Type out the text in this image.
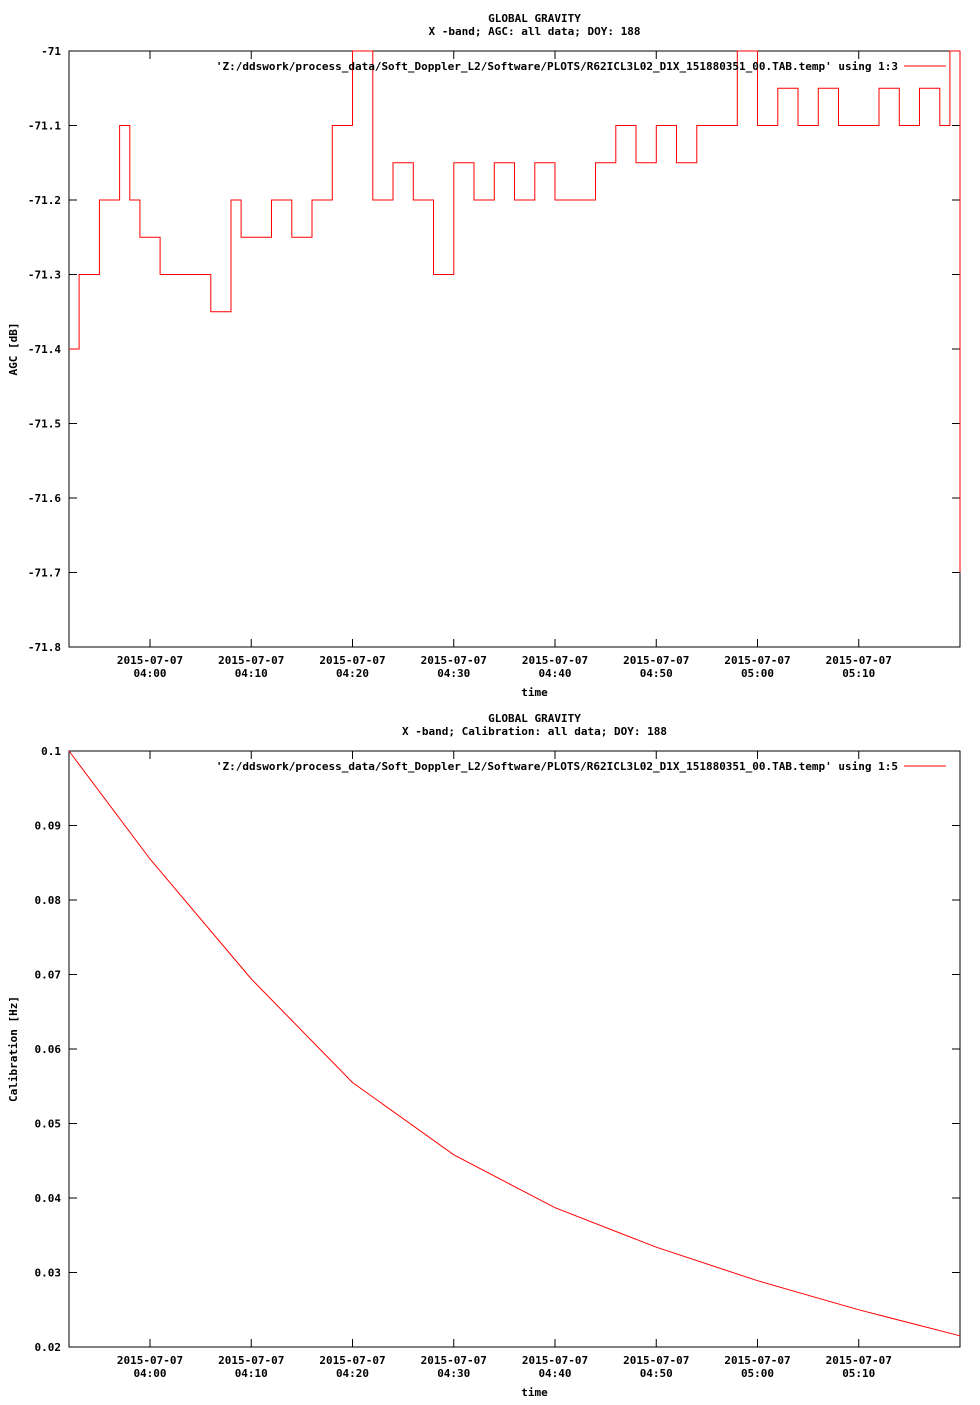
GLOBAL GRAVITY
X -band; AGC: all data; DOY: 188
-71
-71.1
-71.2
-71.3
-71.4
-71.5
-71.6
-71.7
-71.8
2015-07-07
04:00
2015-07-07
04:10
2015-07-07
04:20
2015-07-07
04:30
2015-07-07
04:40
2015-07-07
04:50
2015-07-07
05:00
2015-07-07
05:10
time
AGC [dB]
'Z:/ddswork/process_data/Soft_Doppler_L2/Software/PLOTS/R62ICL3L02_D1X_151880351_00.TAB.temp' using 1:3
GLOBAL GRAVITY
X -band; Calibration: all data; DOY: 188
0.1
0.09
0.08
0.07
0.06
0.05
0.04
0.03
0.02
2015-07-07
04:00
2015-07-07
04:10
2015-07-07
04:20
2015-07-07
04:30
2015-07-07
04:40
2015-07-07
04:50
2015-07-07
05:00
2015-07-07
05:10
time
Calibration [Hz]
'Z:/ddswork/process_data/Soft_Doppler_L2/Software/PLOTS/R62ICL3L02_D1X_151880351_00.TAB.temp' using 1:5
